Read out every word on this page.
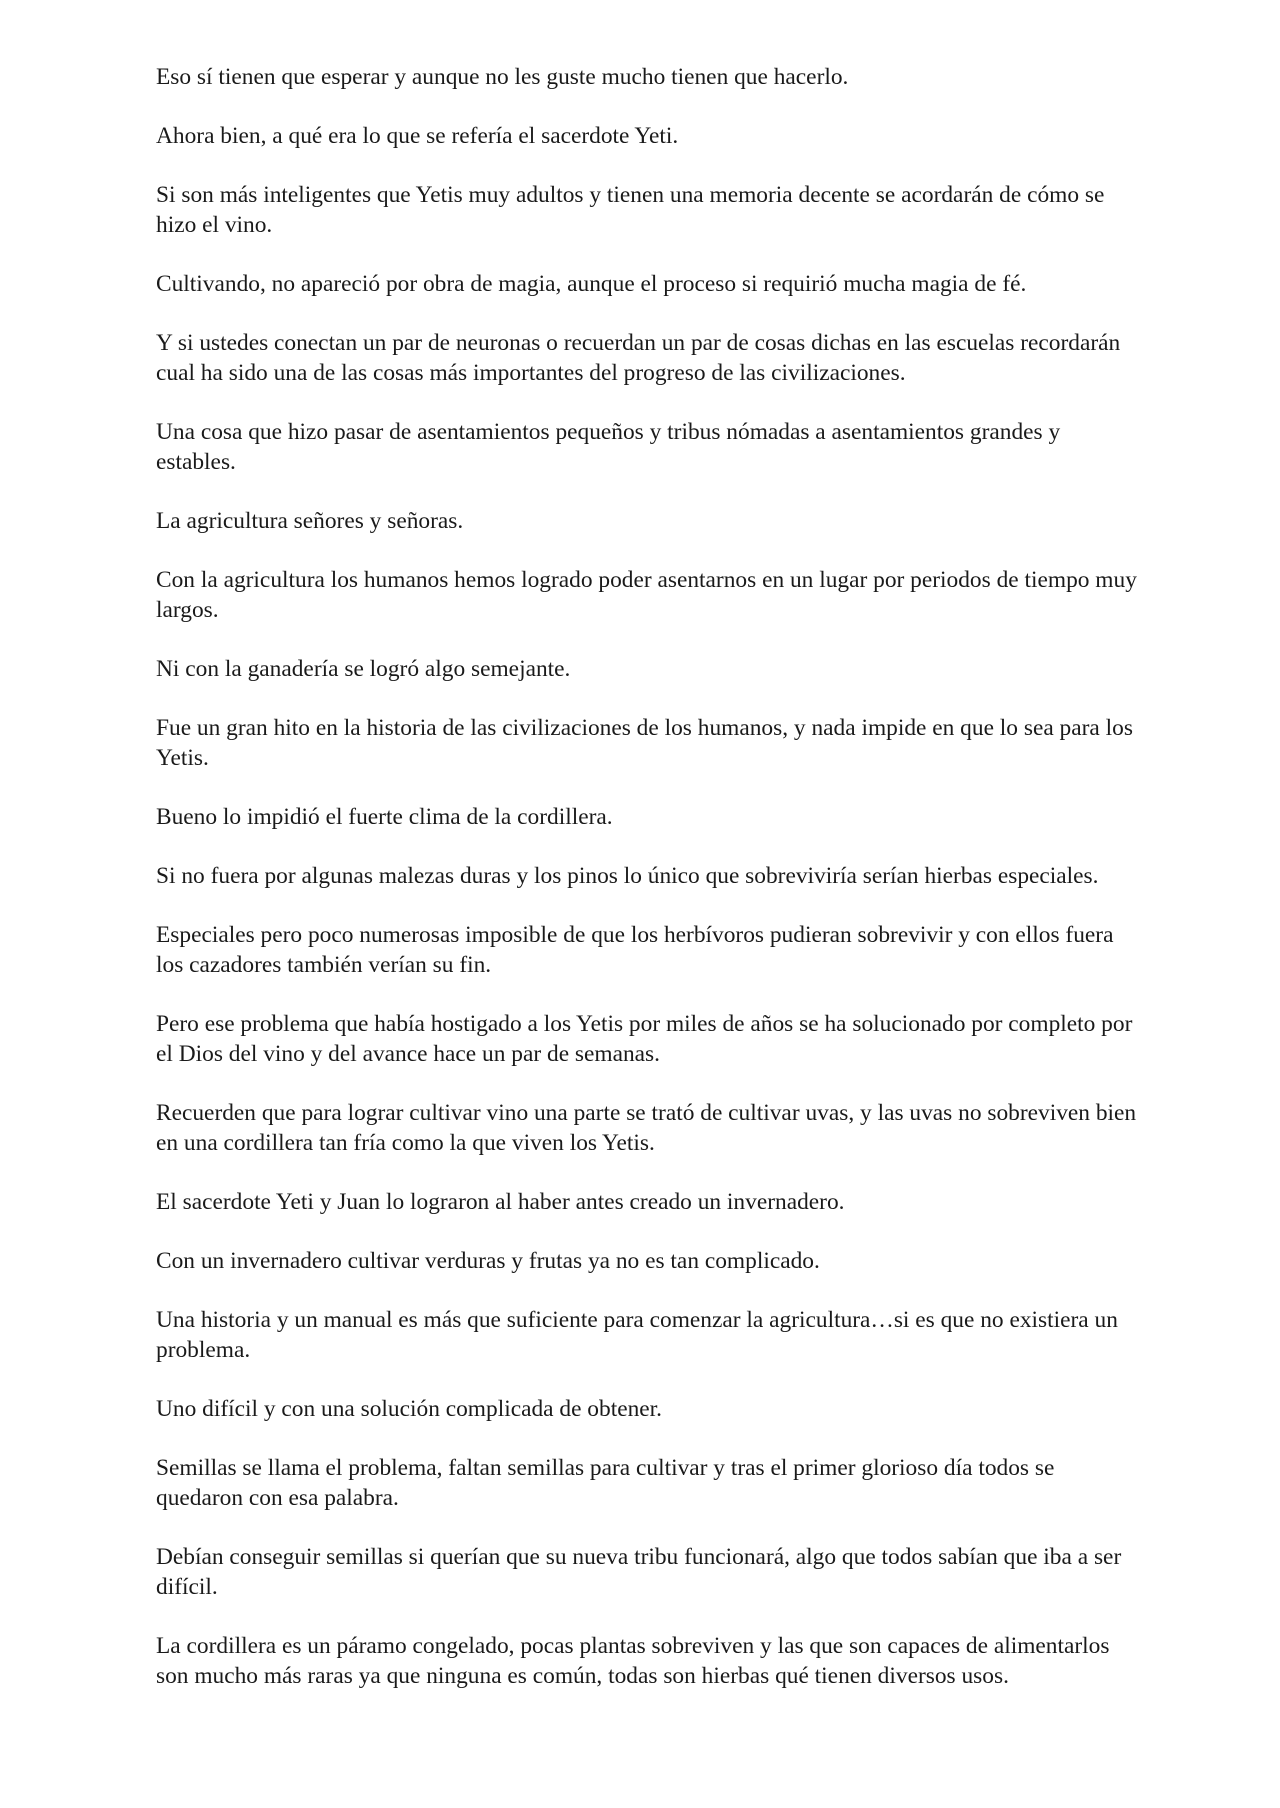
Eso sí tienen que esperar y aunque no les guste mucho tienen que hacerlo.

Ahora bien, a qué era lo que se refería el sacerdote Yeti.

Si son más inteligentes que Yetis muy adultos y tienen una memoria decente se acordarán de cómo se hizo el vino.

Cultivando, no apareció por obra de magia, aunque el proceso si requirió mucha magia de fé.

Y si ustedes conectan un par de neuronas o recuerdan un par de cosas dichas en las escuelas recordarán cual ha sido una de las cosas más importantes del progreso de las civilizaciones.

Una cosa que hizo pasar de asentamientos pequeños y tribus nómadas a asentamientos grandes y estables.

La agricultura señores y señoras.

Con la agricultura los humanos hemos logrado poder asentarnos en un lugar por periodos de tiempo muy largos.

Ni con la ganadería se logró algo semejante.

Fue un gran hito en la historia de las civilizaciones de los humanos, y nada impide en que lo sea para los Yetis.

Bueno lo impidió el fuerte clima de la cordillera.

Si no fuera por algunas malezas duras y los pinos lo único que sobreviviría serían hierbas especiales.

Especiales pero poco numerosas imposible de que los herbívoros pudieran sobrevivir y con ellos fuera los cazadores también verían su fin.

Pero ese problema que había hostigado a los Yetis por miles de años se ha solucionado por completo por el Dios del vino y del avance hace un par de semanas.

Recuerden que para lograr cultivar vino una parte se trató de cultivar uvas, y las uvas no sobreviven bien en una cordillera tan fría como la que viven los Yetis.

El sacerdote Yeti y Juan lo lograron al haber antes creado un invernadero.

Con un invernadero cultivar verduras y frutas ya no es tan complicado.

Una historia y un manual es más que suficiente para comenzar la agricultura…si es que no existiera un problema.

Uno difícil y con una solución complicada de obtener.

Semillas se llama el problema, faltan semillas para cultivar y tras el primer glorioso día todos se quedaron con esa palabra.

Debían conseguir semillas si querían que su nueva tribu funcionará, algo que todos sabían que iba a ser difícil.

La cordillera es un páramo congelado, pocas plantas sobreviven y las que son capaces de alimentarlos son mucho más raras ya que ninguna es común, todas son hierbas qué tienen diversos usos.
